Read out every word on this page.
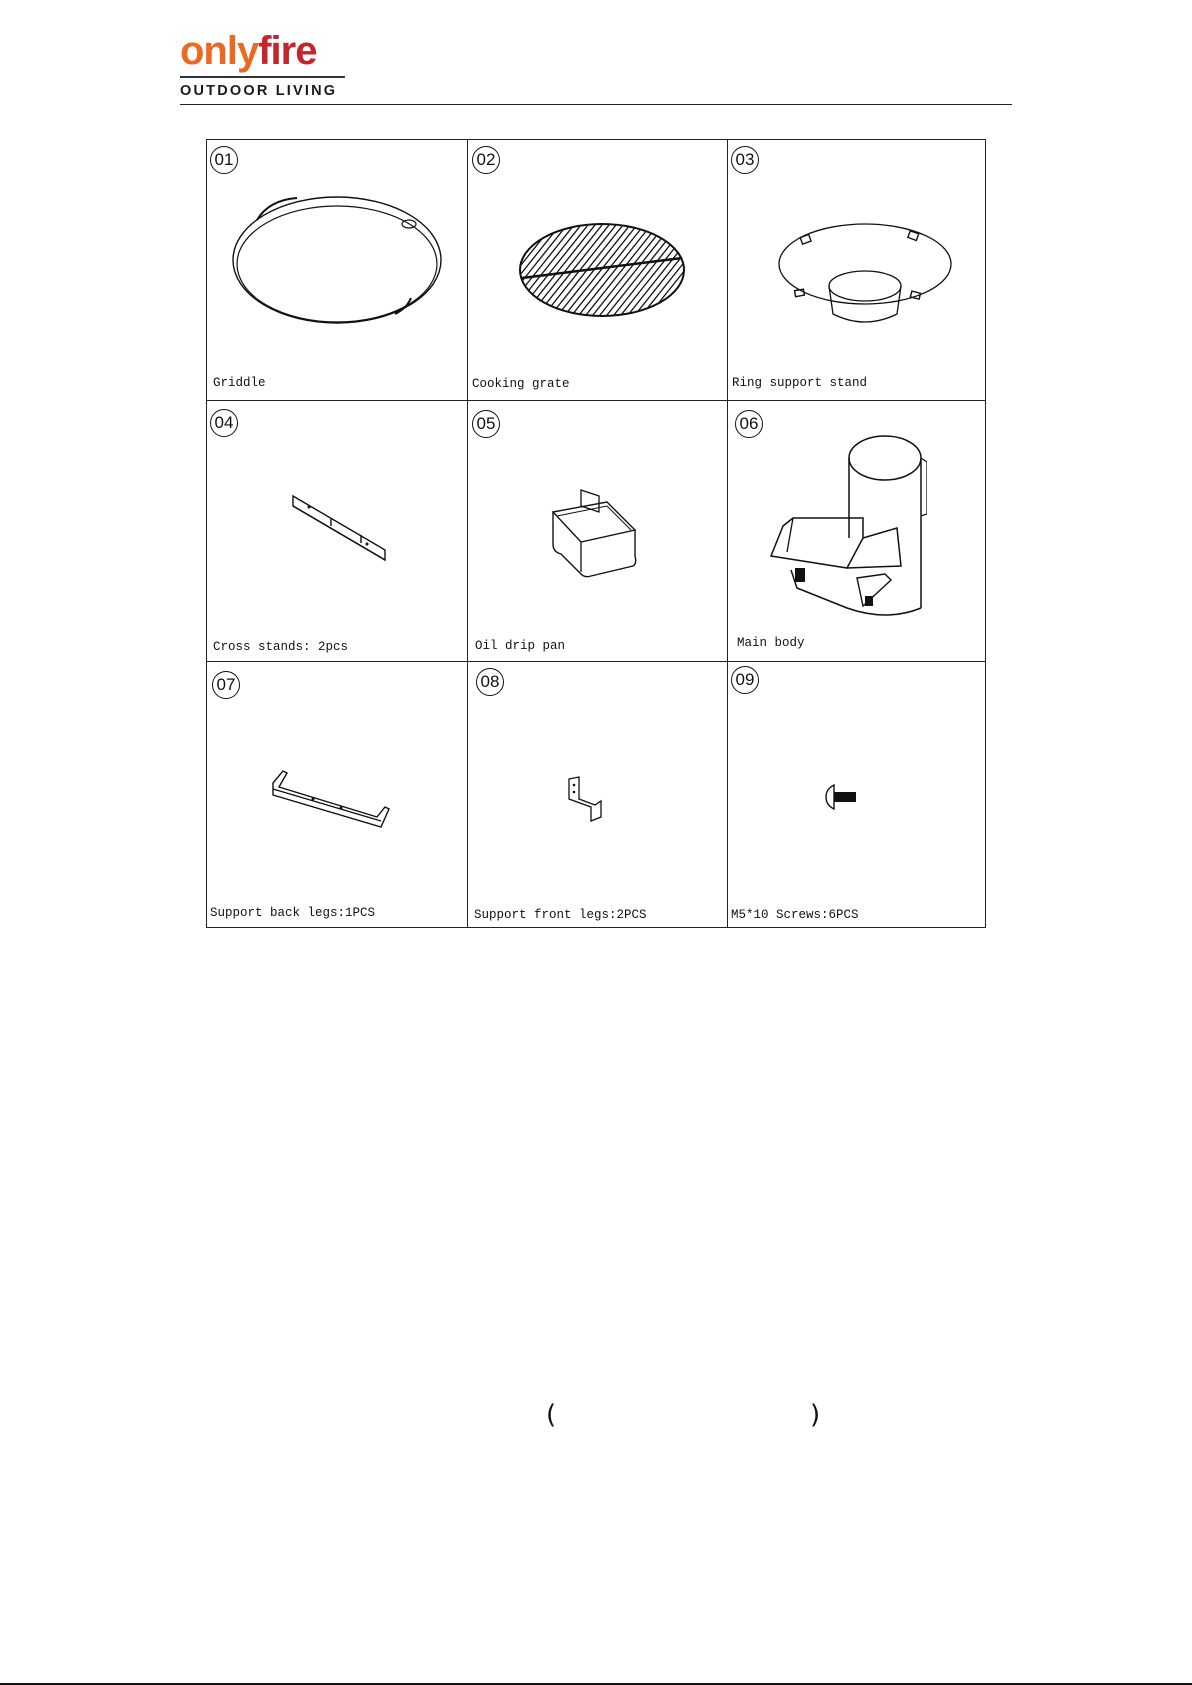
onlyfire
OUTDOOR LIVING
01
Griddle
02
Cooking grate
03
Ring support stand
04
Cross stands: 2pcs
05
Oil drip pan
06
Main body
07
Support back legs:1PCS
08
Support front legs:2PCS
09
M5*10 Screws:6PCS
(	)
